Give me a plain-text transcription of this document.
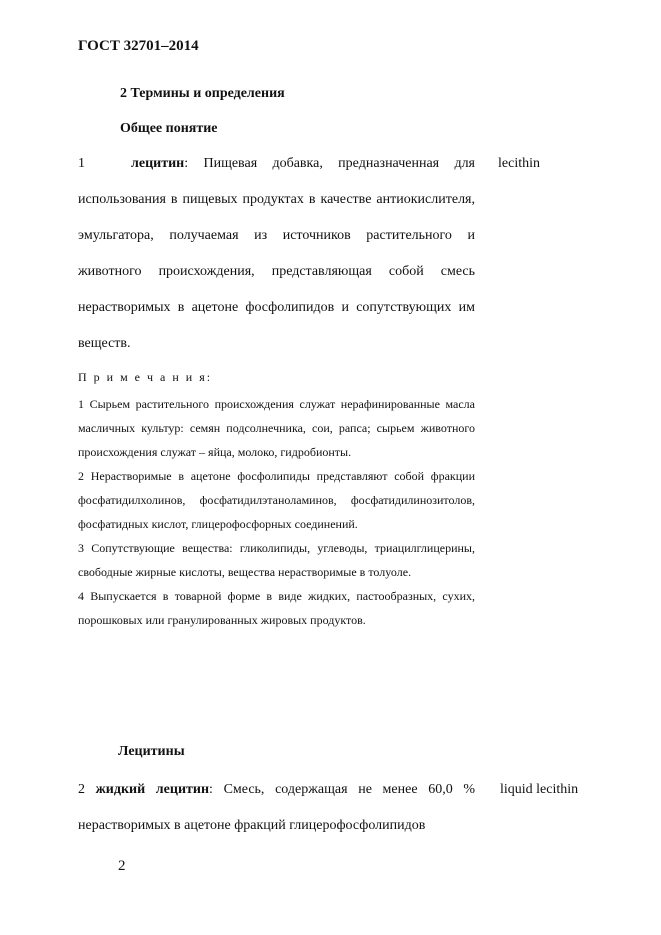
ГОСТ 32701–2014
2 Термины и определения
Общее понятие
1	лецитин: Пищевая добавка, предназначенная для использования в пищевых продуктах в качестве антиокислителя, эмульгатора, получаемая из источников растительного и животного происхождения, представляющая собой смесь нерастворимых в ацетоне фосфолипидов и сопутствующих им веществ.
lecithin
П р и м е ч а н и я:

1 Сырьем растительного происхождения служат нерафинированные масла масличных культур: семян подсолнечника, сои, рапса; сырьем животного происхождения служат – яйца, молоко, гидробионты.

2 Нерастворимые в ацетоне фосфолипиды представляют собой фракции фосфатидилхолинов, фосфатидилэтаноламинов, фосфатидилинозитолов, фосфатидных кислот, глицерофосфорных соединений.

3 Сопутствующие вещества: гликолипиды, углеводы, триацилглицерины, свободные жирные кислоты, вещества нерастворимые в толуоле.

4 Выпускается в товарной форме в виде жидких, пастообразных, сухих, порошковых или гранулированных жировых продуктов.

Лецитины
2 жидкий лецитин: Смесь, содержащая не менее 60,0 % нерастворимых в ацетоне фракций глицерофосфолипидов
liquid lecithin
2
